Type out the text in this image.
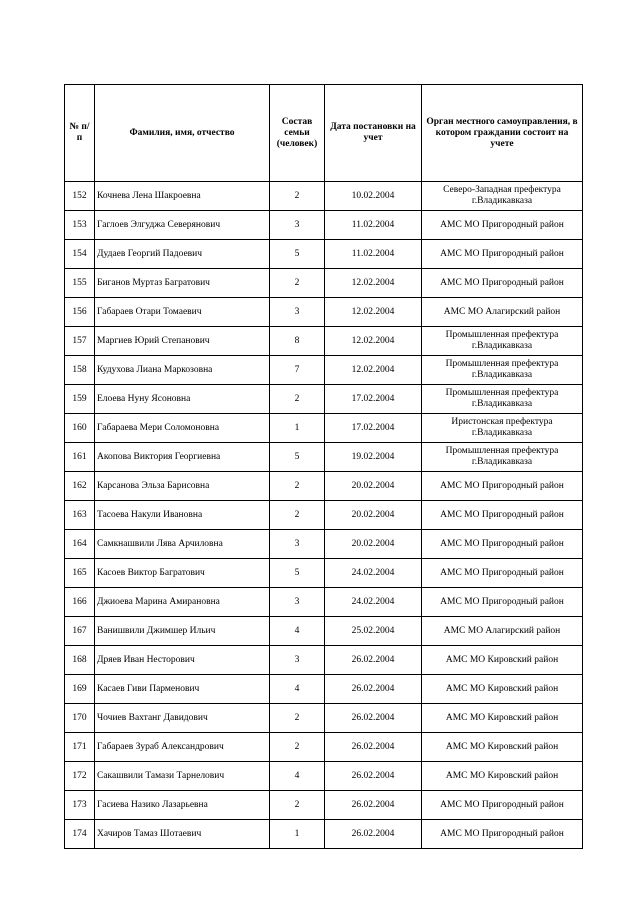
№ п/п	Фамилия, имя, отчество	Состав семьи (человек)	Дата постановки на учет	Орган местного самоуправления, в котором граждании состоит на учете
152	Кочнева Лена Шакроевна	2	10.02.2004	Северо-Западная префектура г.Владикавказа
153	Гаглоев Элгуджа Северянович	3	11.02.2004	АМС МО Пригородный район
154	Дудаев Георгий Падоевич	5	11.02.2004	АМС МО Пригородный район
155	Биганов Муртаз Багратович	2	12.02.2004	АМС МО Пригородный район
156	Габараев Отари Томаевич	3	12.02.2004	АМС МО Алагирский район
157	Маргиев Юрий Степанович	8	12.02.2004	Промышленная префектура г.Владикавказа
158	Кудухова Лиана Маркозовна	7	12.02.2004	Промышленная префектура г.Владикавказа
159	Елоева Нуну Ясоновна	2	17.02.2004	Промышленная префектура г.Владикавказа
160	Габараева Мери Соломоновна	1	17.02.2004	Иристонская префектура г.Владикавказа
161	Акопова Виктория Георгиевна	5	19.02.2004	Промышленная префектура г.Владикавказа
162	Карсанова Эльза Барисовна	2	20.02.2004	АМС МО Пригородный район
163	Тасоева Накули Ивановна	2	20.02.2004	АМС МО Пригородный район
164	Самкнашвили Лява Арчиловна	3	20.02.2004	АМС МО Пригородный район
165	Касоев Виктор Багратович	5	24.02.2004	АМС МО Пригородный район
166	Джиоева Марина Амирановна	3	24.02.2004	АМС МО Пригородный район
167	Ванишвили Джимшер Ильич	4	25.02.2004	АМС МО Алагирский район
168	Дряев Иван Несторович	3	26.02.2004	АМС МО Кировский район
169	Касаев Гиви Парменович	4	26.02.2004	АМС МО Кировский район
170	Чочиев Вахтанг Давидович	2	26.02.2004	АМС МО Кировский район
171	Габараев Зураб Александрович	2	26.02.2004	АМС МО Кировский район
172	Сакашвили Тамази Тарнелович	4	26.02.2004	АМС МО Кировский район
173	Гасиева Назико Лазарьевна	2	26.02.2004	АМС МО Пригородный район
174	Хачиров Тамаз Шотаевич	1	26.02.2004	АМС МО Пригородный район
